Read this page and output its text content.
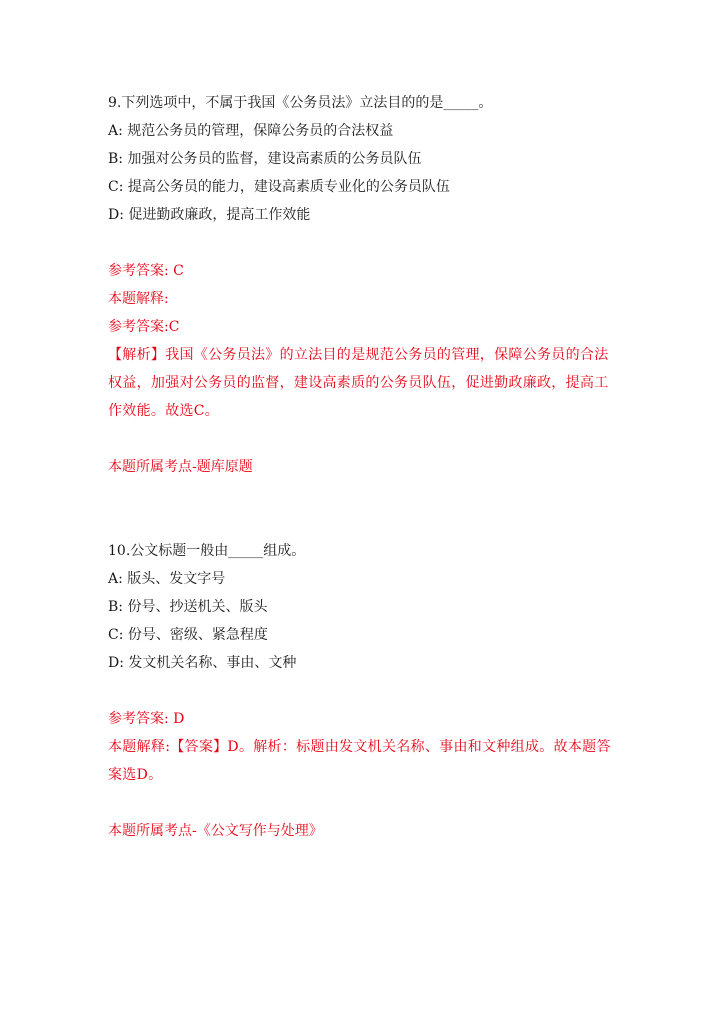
9.下列选项中，不属于我国《公务员法》立法目的的是_____。
A: 规范公务员的管理，保障公务员的合法权益
B: 加强对公务员的监督，建设高素质的公务员队伍
C: 提高公务员的能力，建设高素质专业化的公务员队伍
D: 促进勤政廉政，提高工作效能
参考答案: C
本题解释:
参考答案:C
【解析】我国《公务员法》的立法目的是规范公务员的管理，保障公务员的合法权益，加强对公务员的监督，建设高素质的公务员队伍，促进勤政廉政，提高工作效能。故选C。
本题所属考点-题库原题
10.公文标题一般由_____组成。
A: 版头、发文字号
B: 份号、抄送机关、版头
C: 份号、密级、紧急程度
D: 发文机关名称、事由、文种
参考答案: D
本题解释:【答案】D。解析：标题由发文机关名称、事由和文种组成。故本题答案选D。
本题所属考点-《公文写作与处理》
